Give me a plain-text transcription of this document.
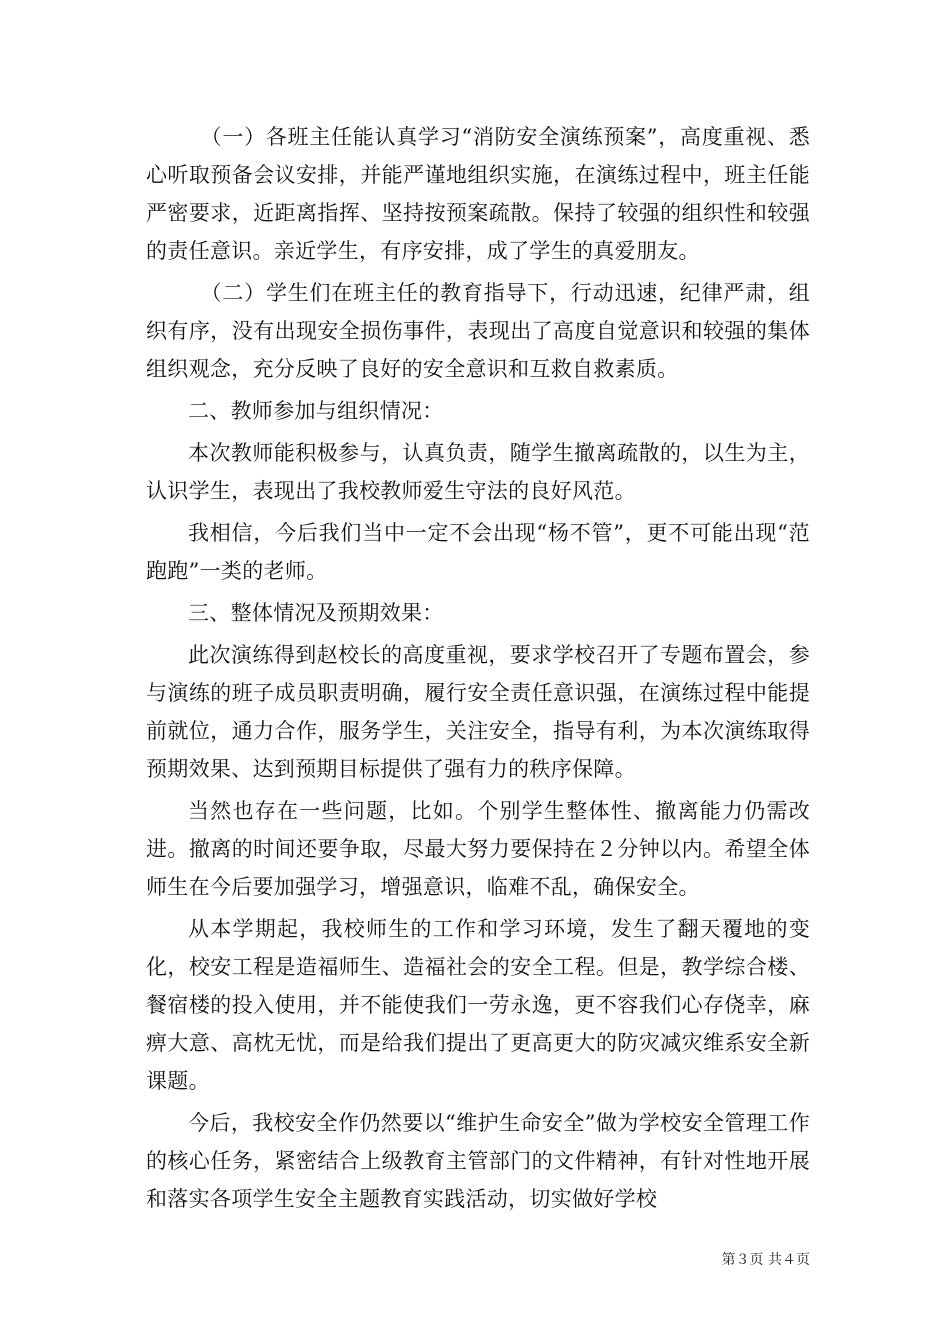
（一）各班主任能认真学习“消防安全演练预案”，高度重视、悉心听取预备会议安排，并能严谨地组织实施，在演练过程中，班主任能严密要求，近距离指挥、坚持按预案疏散。保持了较强的组织性和较强的责任意识。亲近学生，有序安排，成了学生的真爱朋友。

（二）学生们在班主任的教育指导下，行动迅速，纪律严肃，组织有序，没有出现安全损伤事件，表现出了高度自觉意识和较强的集体组织观念，充分反映了良好的安全意识和互救自救素质。

二、教师参加与组织情况：

本次教师能积极参与，认真负责，随学生撤离疏散的，以生为主，认识学生，表现出了我校教师爱生守法的良好风范。

我相信，今后我们当中一定不会出现“杨不管”，更不可能出现“范跑跑”一类的老师。

三、整体情况及预期效果：

此次演练得到赵校长的高度重视，要求学校召开了专题布置会，参与演练的班子成员职责明确，履行安全责任意识强，在演练过程中能提前就位，通力合作，服务学生，关注安全，指导有利，为本次演练取得预期效果、达到预期目标提供了强有力的秩序保障。

当然也存在一些问题，比如。个别学生整体性、撤离能力仍需改进。撤离的时间还要争取，尽最大努力要保持在２分钟以内。希望全体师生在今后要加强学习，增强意识，临难不乱，确保安全。

从本学期起，我校师生的工作和学习环境，发生了翻天覆地的变化，校安工程是造福师生、造福社会的安全工程。但是，教学综合楼、餐宿楼的投入使用，并不能使我们一劳永逸，更不容我们心存侥幸，麻痹大意、高枕无忧，而是给我们提出了更高更大的防灾减灾维系安全新课题。

今后，我校安全作仍然要以“维护生命安全”做为学校安全管理工作的核心任务，紧密结合上级教育主管部门的文件精神，有针对性地开展和落实各项学生安全主题教育实践活动，切实做好学校

第３页 共４页
